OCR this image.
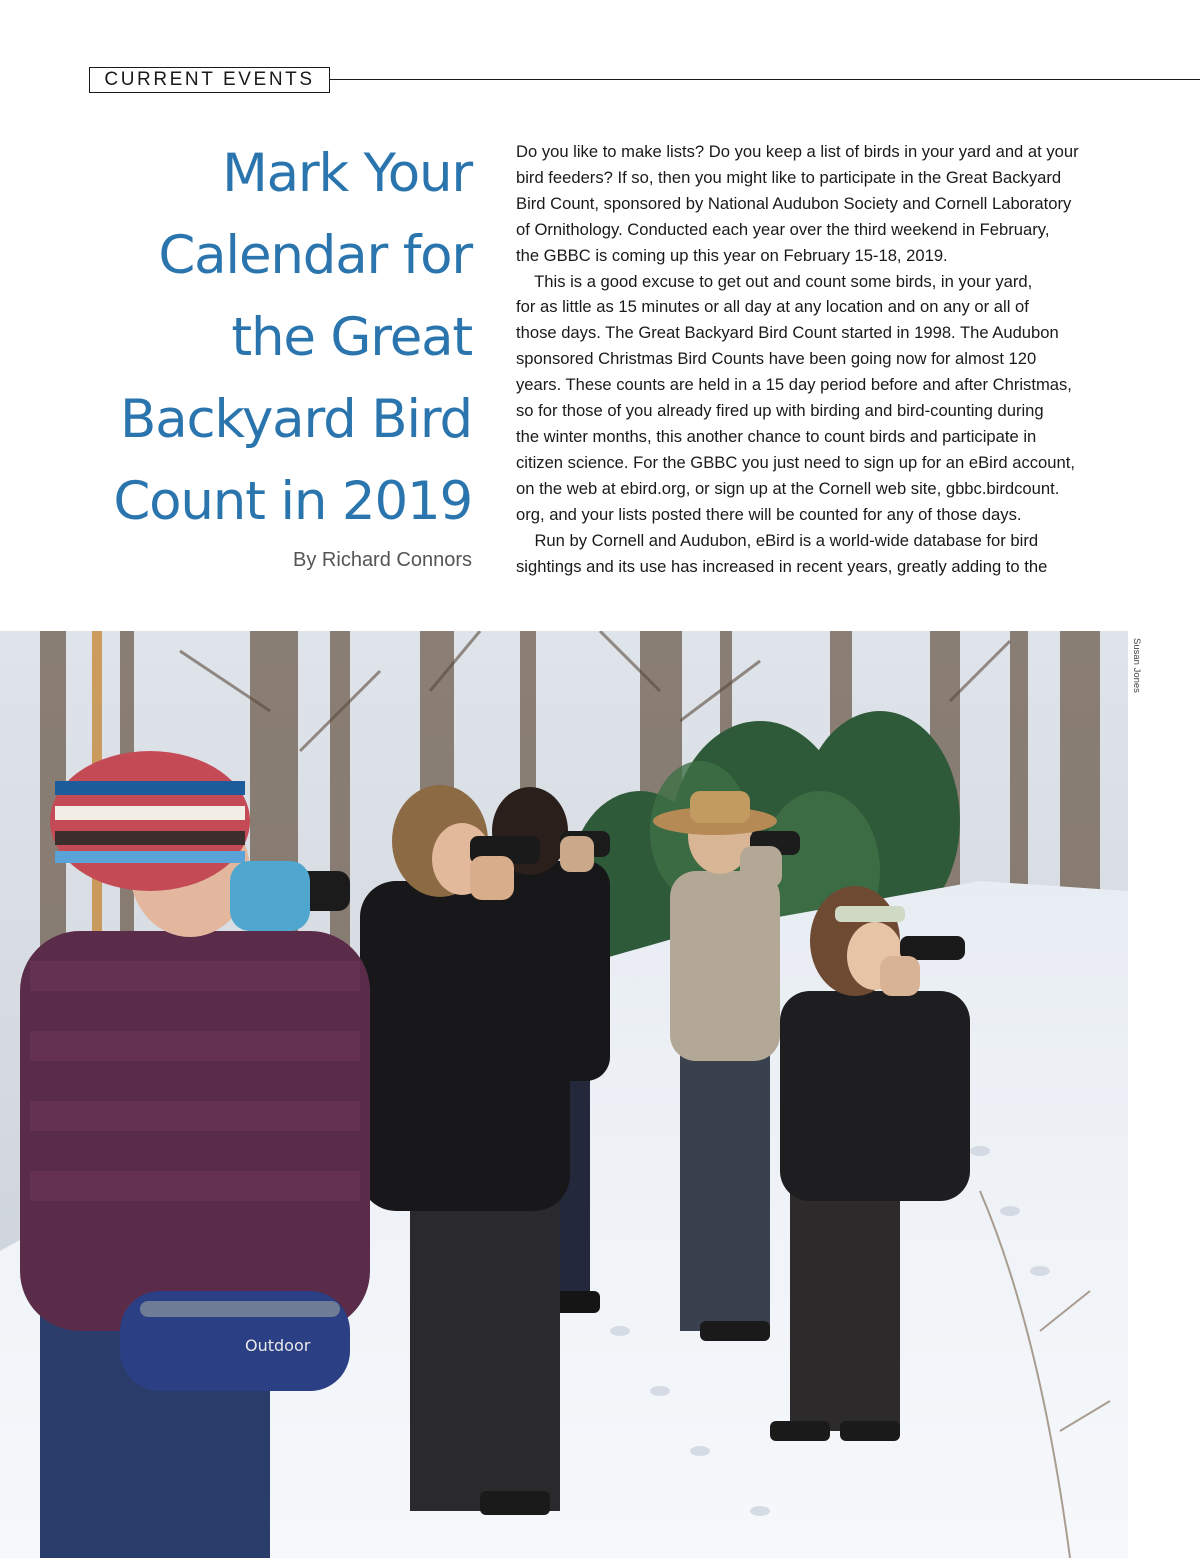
CURRENT EVENTS
Mark Your Calendar for the Great Backyard Bird Count in 2019
By Richard Connors
Do you like to make lists? Do you keep a list of birds in your yard and at your
bird feeders? If so, then you might like to participate in the Great Backyard
Bird Count, sponsored by National Audubon Society and Cornell Laboratory
of Ornithology. Conducted each year over the third weekend in February,
the GBBC is coming up this year on February 15-18, 2019.
This is a good excuse to get out and count some birds, in your yard,
for as little as 15 minutes or all day at any location and on any or all of
those days. The Great Backyard Bird Count started in 1998. The Audubon
sponsored Christmas Bird Counts have been going now for almost 120
years. These counts are held in a 15 day period before and after Christmas,
so for those of you already fired up with birding and bird-counting during
the winter months, this another chance to count birds and participate in
citizen science. For the GBBC you just need to sign up for an eBird account,
on the web at ebird.org, or sign up at the Cornell web site, gbbc.birdcount.
org, and your lists posted there will be counted for any of those days.
Run by Cornell and Audubon, eBird is a world-wide database for bird
sightings and its use has increased in recent years, greatly adding to the
Outdoor
Susan Jones
